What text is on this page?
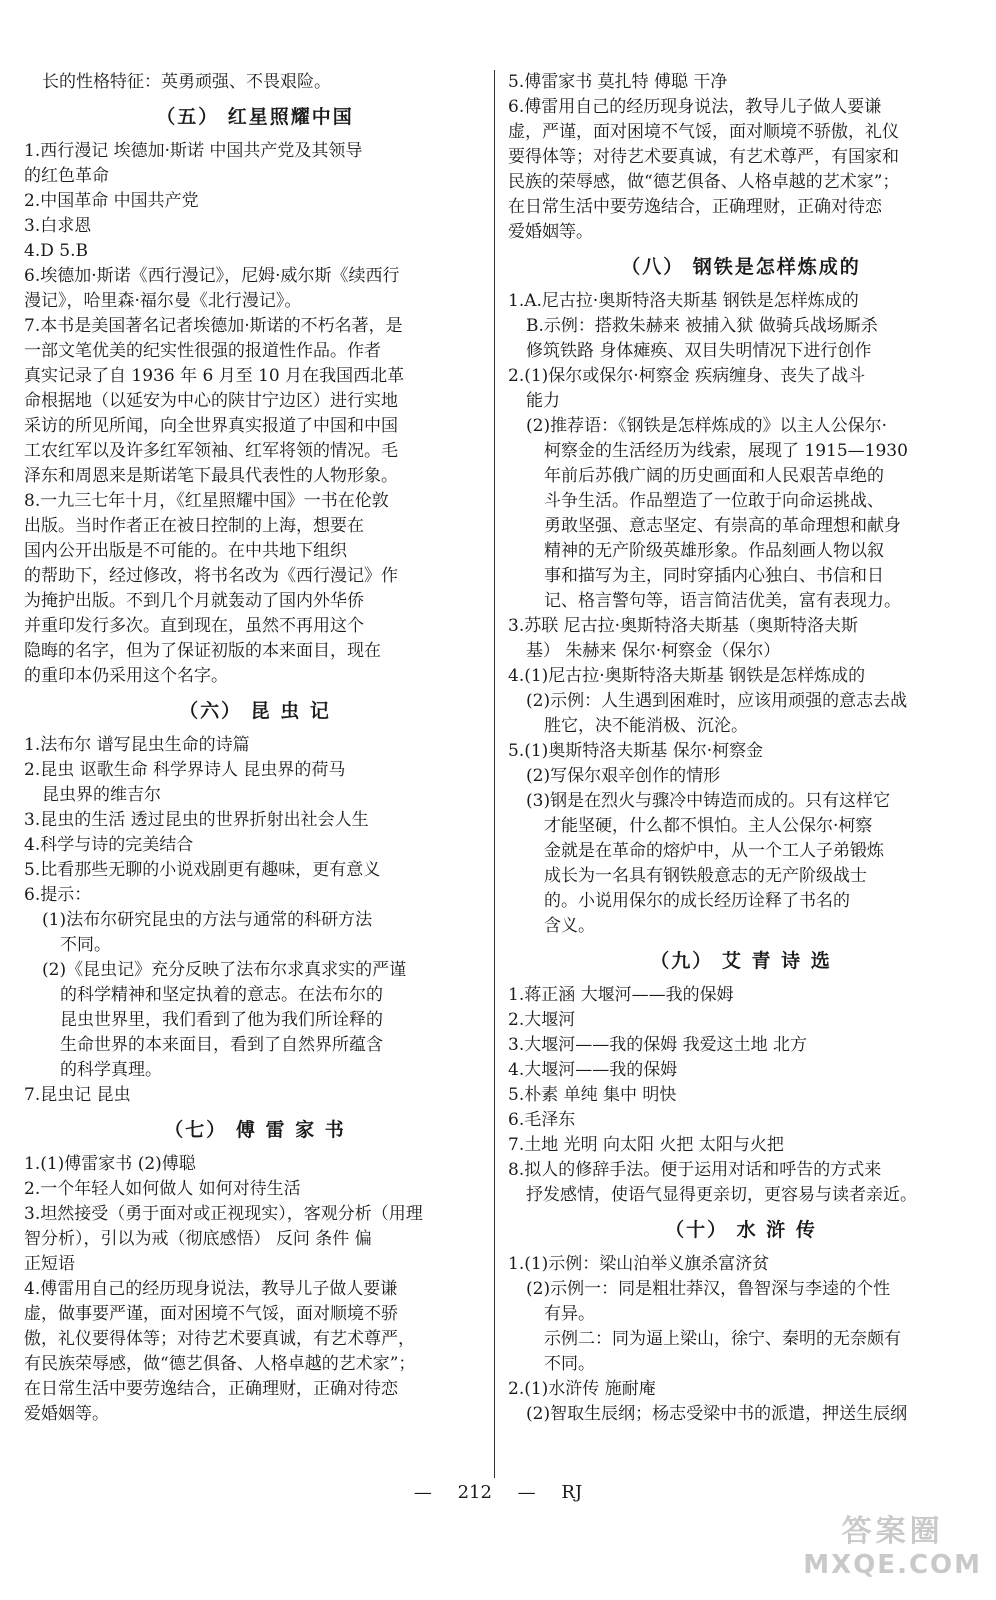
长的性格特征：英勇顽强、不畏艰险。
（五） 红星照耀中国
1.西行漫记 埃德加·斯诺 中国共产党及其领导
的红色革命
2.中国革命 中国共产党
3.白求恩
4.D 5.B
6.埃德加·斯诺《西行漫记》，尼姆·威尔斯《续西行
漫记》，哈里森·福尔曼《北行漫记》。
7.本书是美国著名记者埃德加·斯诺的不朽名著，是
一部文笔优美的纪实性很强的报道性作品。作者
真实记录了自 1936 年 6 月至 10 月在我国西北革
命根据地（以延安为中心的陕甘宁边区）进行实地
采访的所见所闻，向全世界真实报道了中国和中国
工农红军以及许多红军领袖、红军将领的情况。毛
泽东和周恩来是斯诺笔下最具代表性的人物形象。
8.一九三七年十月，《红星照耀中国》一书在伦敦
出版。当时作者正在被日控制的上海，想要在
国内公开出版是不可能的。在中共地下组织
的帮助下，经过修改，将书名改为《西行漫记》作
为掩护出版。不到几个月就轰动了国内外华侨
并重印发行多次。直到现在，虽然不再用这个
隐晦的名字，但为了保证初版的本来面目，现在
的重印本仍采用这个名字。
（六） 昆 虫 记
1.法布尔 谱写昆虫生命的诗篇
2.昆虫 讴歌生命 科学界诗人 昆虫界的荷马
昆虫界的维吉尔
3.昆虫的生活 透过昆虫的世界折射出社会人生
4.科学与诗的完美结合
5.比看那些无聊的小说戏剧更有趣味，更有意义
6.提示：
(1)法布尔研究昆虫的方法与通常的科研方法
不同。
(2)《昆虫记》充分反映了法布尔求真求实的严谨
的科学精神和坚定执着的意志。在法布尔的
昆虫世界里，我们看到了他为我们所诠释的
生命世界的本来面目，看到了自然界所蕴含
的科学真理。
7.昆虫记 昆虫
（七） 傅 雷 家 书
1.(1)傅雷家书 (2)傅聪
2.一个年轻人如何做人 如何对待生活
3.坦然接受（勇于面对或正视现实），客观分析（用理
智分析），引以为戒（彻底感悟） 反问 条件 偏
正短语
4.傅雷用自己的经历现身说法，教导儿子做人要谦
虚，做事要严谨，面对困境不气馁，面对顺境不骄
傲，礼仪要得体等；对待艺术要真诚，有艺术尊严，
有民族荣辱感，做“德艺俱备、人格卓越的艺术家”；
在日常生活中要劳逸结合，正确理财，正确对待恋
爱婚姻等。
5.傅雷家书 莫扎特 傅聪 干净
6.傅雷用自己的经历现身说法，教导儿子做人要谦
虚，严谨，面对困境不气馁，面对顺境不骄傲，礼仪
要得体等；对待艺术要真诚，有艺术尊严，有国家和
民族的荣辱感，做“德艺俱备、人格卓越的艺术家”；
在日常生活中要劳逸结合，正确理财，正确对待恋
爱婚姻等。
（八） 钢铁是怎样炼成的
1.A.尼古拉·奥斯特洛夫斯基 钢铁是怎样炼成的
B.示例：搭救朱赫来 被捕入狱 做骑兵战场厮杀
修筑铁路 身体瘫痪、双目失明情况下进行创作
2.(1)保尔或保尔·柯察金 疾病缠身、丧失了战斗
能力
(2)推荐语：《钢铁是怎样炼成的》以主人公保尔·
柯察金的生活经历为线索，展现了 1915—1930
年前后苏俄广阔的历史画面和人民艰苦卓绝的
斗争生活。作品塑造了一位敢于向命运挑战、
勇敢坚强、意志坚定、有崇高的革命理想和献身
精神的无产阶级英雄形象。作品刻画人物以叙
事和描写为主，同时穿插内心独白、书信和日
记、格言警句等，语言简洁优美，富有表现力。
3.苏联 尼古拉·奥斯特洛夫斯基（奥斯特洛夫斯
基） 朱赫来 保尔·柯察金（保尔）
4.(1)尼古拉·奥斯特洛夫斯基 钢铁是怎样炼成的
(2)示例：人生遇到困难时，应该用顽强的意志去战
胜它，决不能消极、沉沦。
5.(1)奥斯特洛夫斯基 保尔·柯察金
(2)写保尔艰辛创作的情形
(3)钢是在烈火与骤冷中铸造而成的。只有这样它
才能坚硬，什么都不惧怕。主人公保尔·柯察
金就是在革命的熔炉中，从一个工人子弟锻炼
成长为一名具有钢铁般意志的无产阶级战士
的。小说用保尔的成长经历诠释了书名的
含义。
（九） 艾 青 诗 选
1.蒋正涵 大堰河——我的保姆
2.大堰河
3.大堰河——我的保姆 我爱这土地 北方
4.大堰河——我的保姆
5.朴素 单纯 集中 明快
6.毛泽东
7.土地 光明 向太阳 火把 太阳与火把
8.拟人的修辞手法。便于运用对话和呼告的方式来
抒发感情，使语气显得更亲切，更容易与读者亲近。
（十） 水 浒 传
1.(1)示例：梁山泊举义旗杀富济贫
(2)示例一：同是粗壮莽汉，鲁智深与李逵的个性
有异。
示例二：同为逼上梁山，徐宁、秦明的无奈颇有
不同。
2.(1)水浒传 施耐庵
(2)智取生辰纲；杨志受梁中书的派遣，押送生辰纲
— 212 — RJ
答案圈
MXQE.COM
